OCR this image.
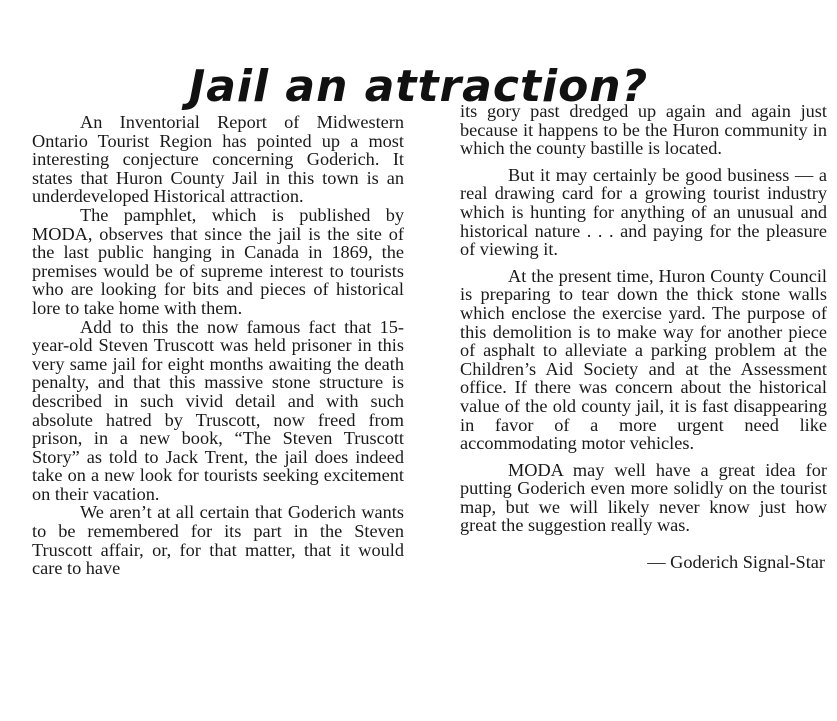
Jail an attraction?

An Inventorial Report of Midwestern Ontario Tourist Region has pointed up a most interesting conjecture concerning Goderich. It states that Huron County Jail in this town is an underdeveloped Historical attraction.

The pamphlet, which is published by MODA, observes that since the jail is the site of the last public hanging in Canada in 1869, the premises would be of supreme interest to tourists who are looking for bits and pieces of historical lore to take home with them.

Add to this the now famous fact that 15-year-old Steven Truscott was held prisoner in this very same jail for eight months awaiting the death penalty, and that this massive stone structure is described in such vivid detail and with such absolute hatred by Truscott, now freed from prison, in a new book, “The Steven Truscott Story” as told to Jack Trent, the jail does indeed take on a new look for tourists seeking excitement on their vacation.

We aren’t at all certain that Goderich wants to be remembered for its part in the Steven Truscott affair, or, for that matter, that it would care to have

its gory past dredged up again and again just because it happens to be the Huron community in which the county bastille is located.

But it may certainly be good business — a real drawing card for a growing tourist industry which is hunting for anything of an unusual and historical nature . . . and paying for the pleasure of viewing it.

At the present time, Huron County Council is preparing to tear down the thick stone walls which enclose the exercise yard. The purpose of this demolition is to make way for another piece of asphalt to alleviate a parking problem at the Children’s Aid Society and at the Assessment office. If there was concern about the historical value of the old county jail, it is fast disappearing in favor of a more urgent need like accommodating motor vehicles.

MODA may well have a great idea for putting Goderich even more solidly on the tourist map, but we will likely never know just how great the suggestion really was.

— Goderich Signal-Star
